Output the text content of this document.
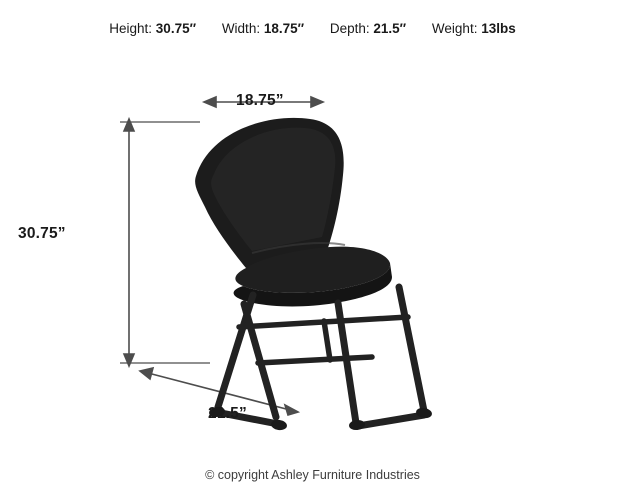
Height: 30.75″ Width: 18.75″ Depth: 21.5″ Weight: 13lbs
18.75”
30.75”
21.5”
© copyright Ashley Furniture Industries
